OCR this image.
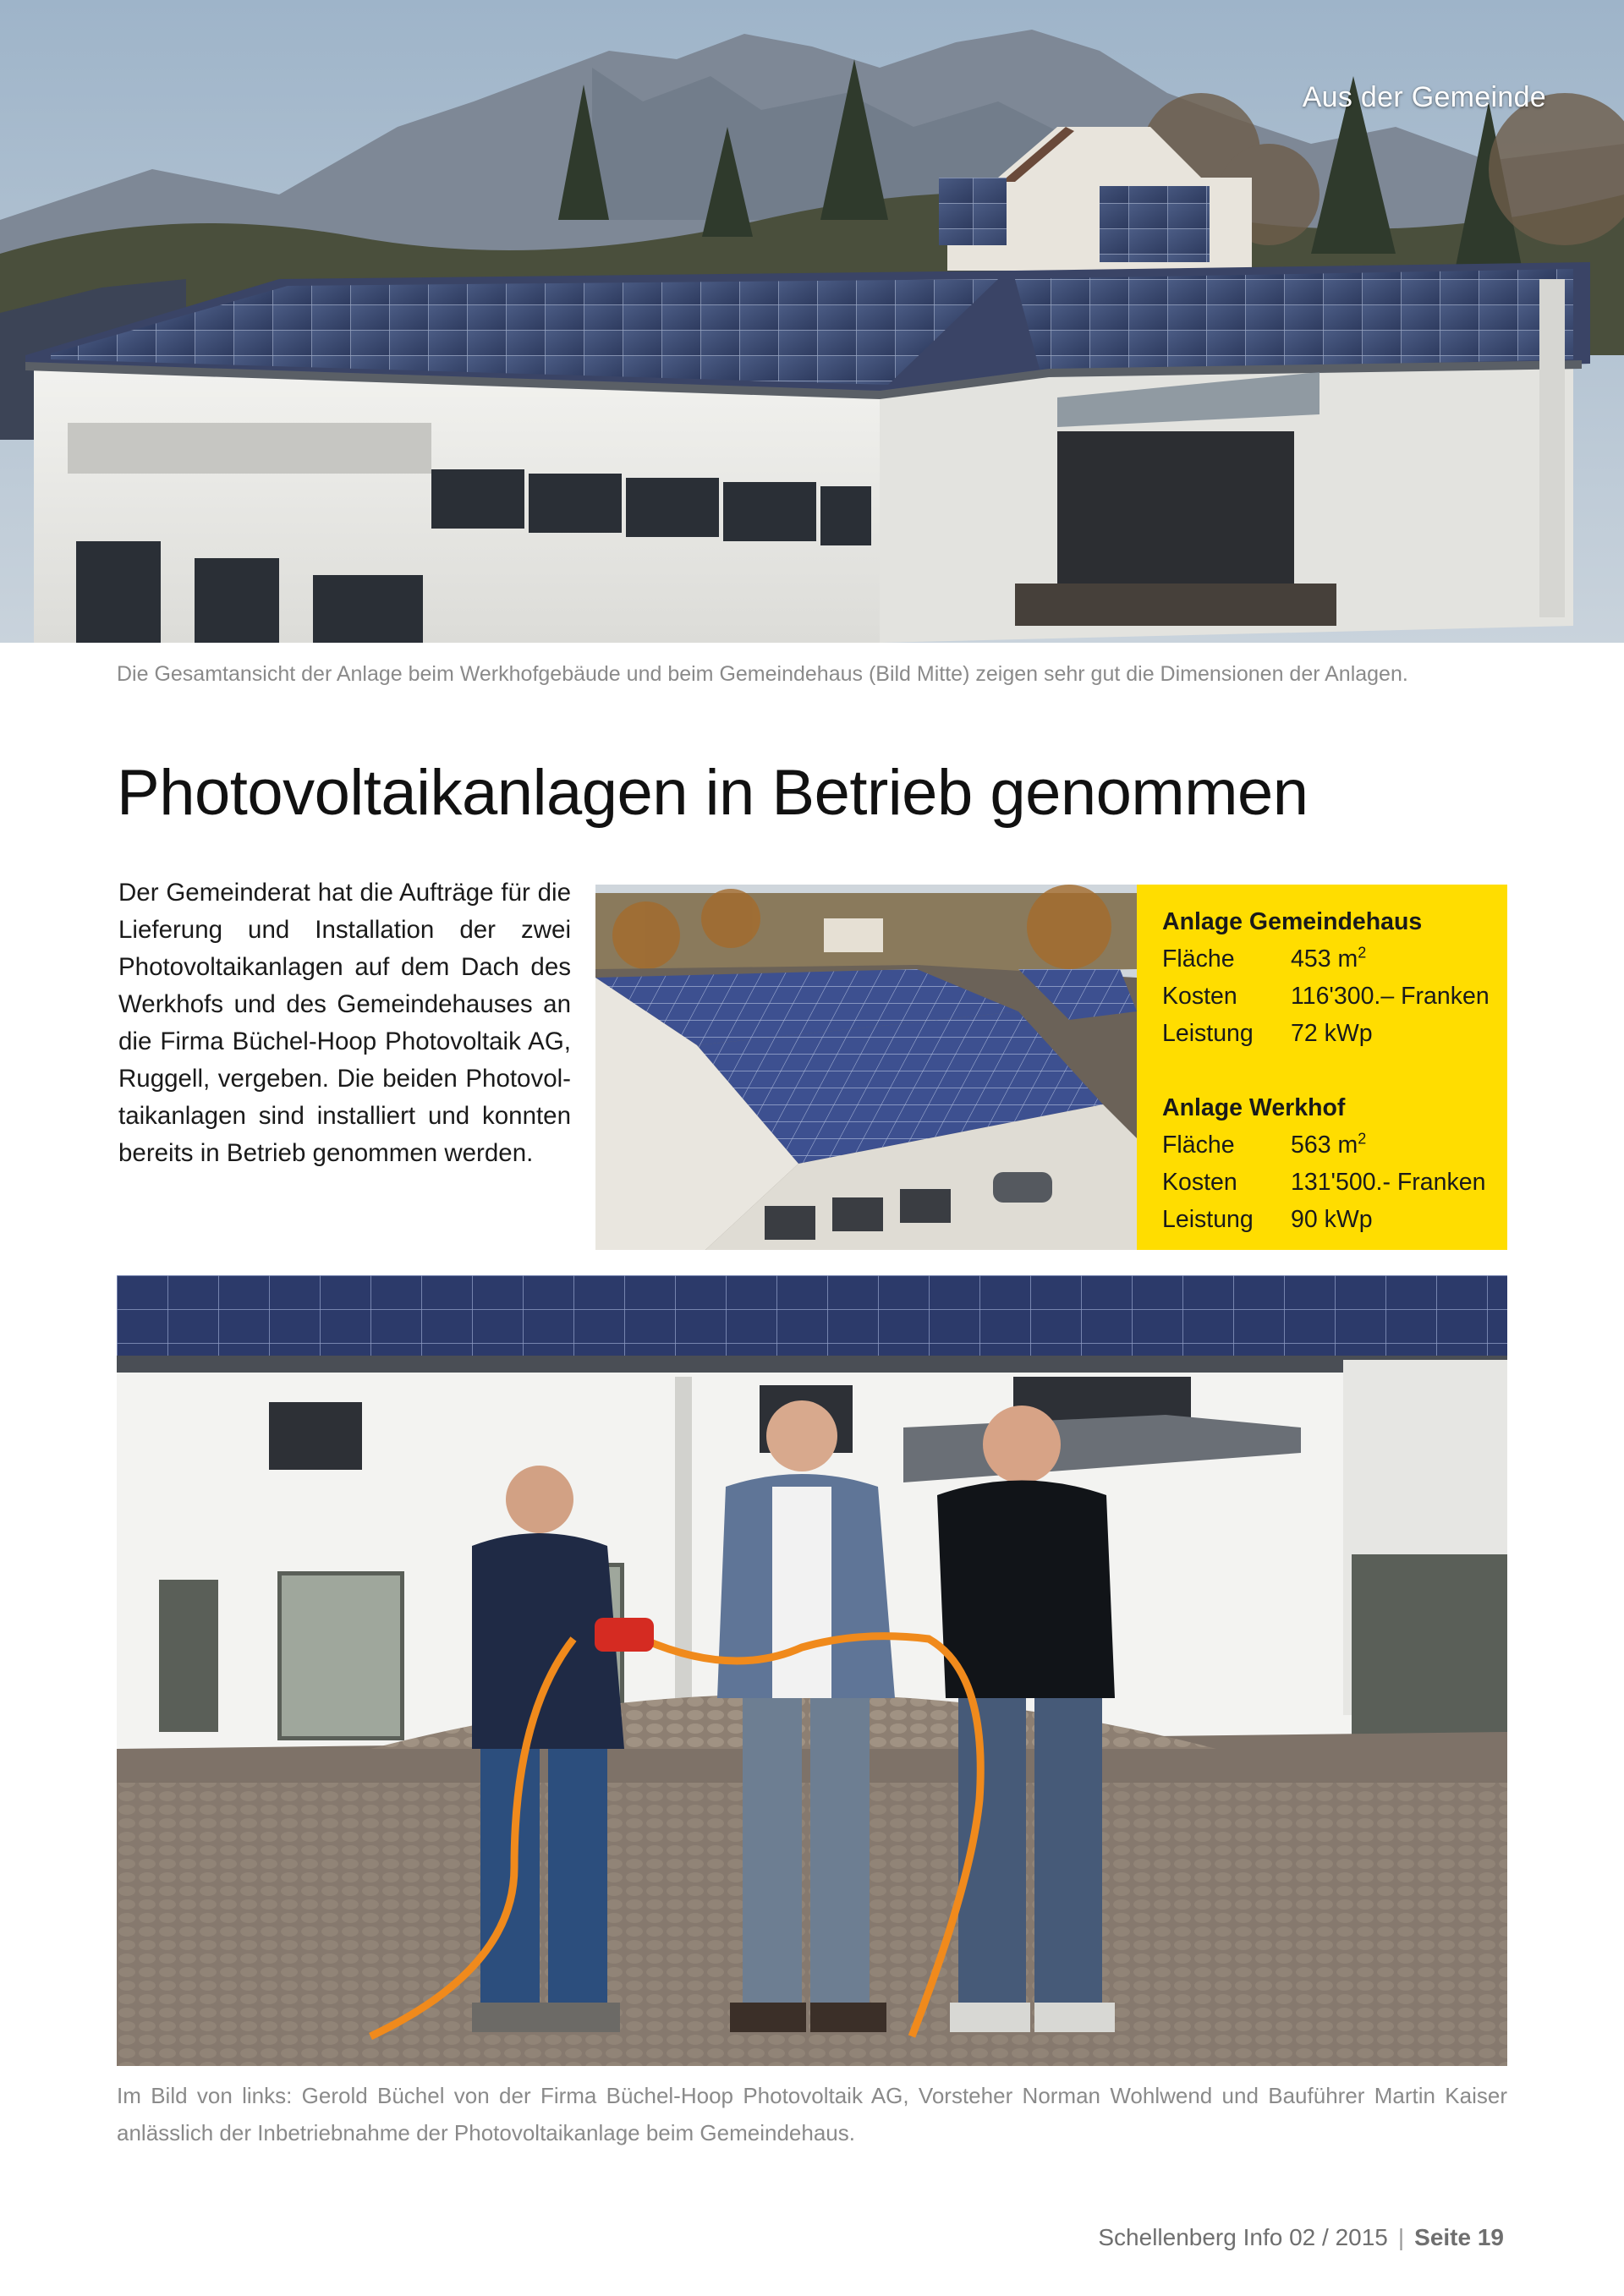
Aus der Gemeinde
Die Gesamtansicht der Anlage beim Werkhofgebäude und beim Gemeindehaus (Bild Mitte) zeigen sehr gut die Dimensionen der Anlagen.
Photovoltaikanlagen in Betrieb genommen

Der Gemeinderat hat die Aufträge für die Lieferung und Installation der zwei Photovoltaikanlagen auf dem Dach des Werkhofs und des Gemeindehauses an die Firma Büchel-Hoop Photovoltaik AG, Ruggell, vergeben. Die beiden Photovoltaikanlagen sind installiert und konnten bereits in Betrieb genommen werden.

Anlage Gemeindehaus
Fläche	453 $m^2$
Kosten	116'300.– Franken
Leistung	72 kWp
Anlage Werkhof
Fläche	563 $m^2$
Kosten	131'500.- Franken
Leistung	90 kWp

Im Bild von links: Gerold Büchel von der Firma Büchel-Hoop Photovoltaik AG, Vorsteher Norman Wohlwend und Bauführer Martin Kaiser anlässlich der Inbetriebnahme der Photovoltaikanlage beim Gemeindehaus.

Schellenberg Info 02 / 2015 | Seite 19
